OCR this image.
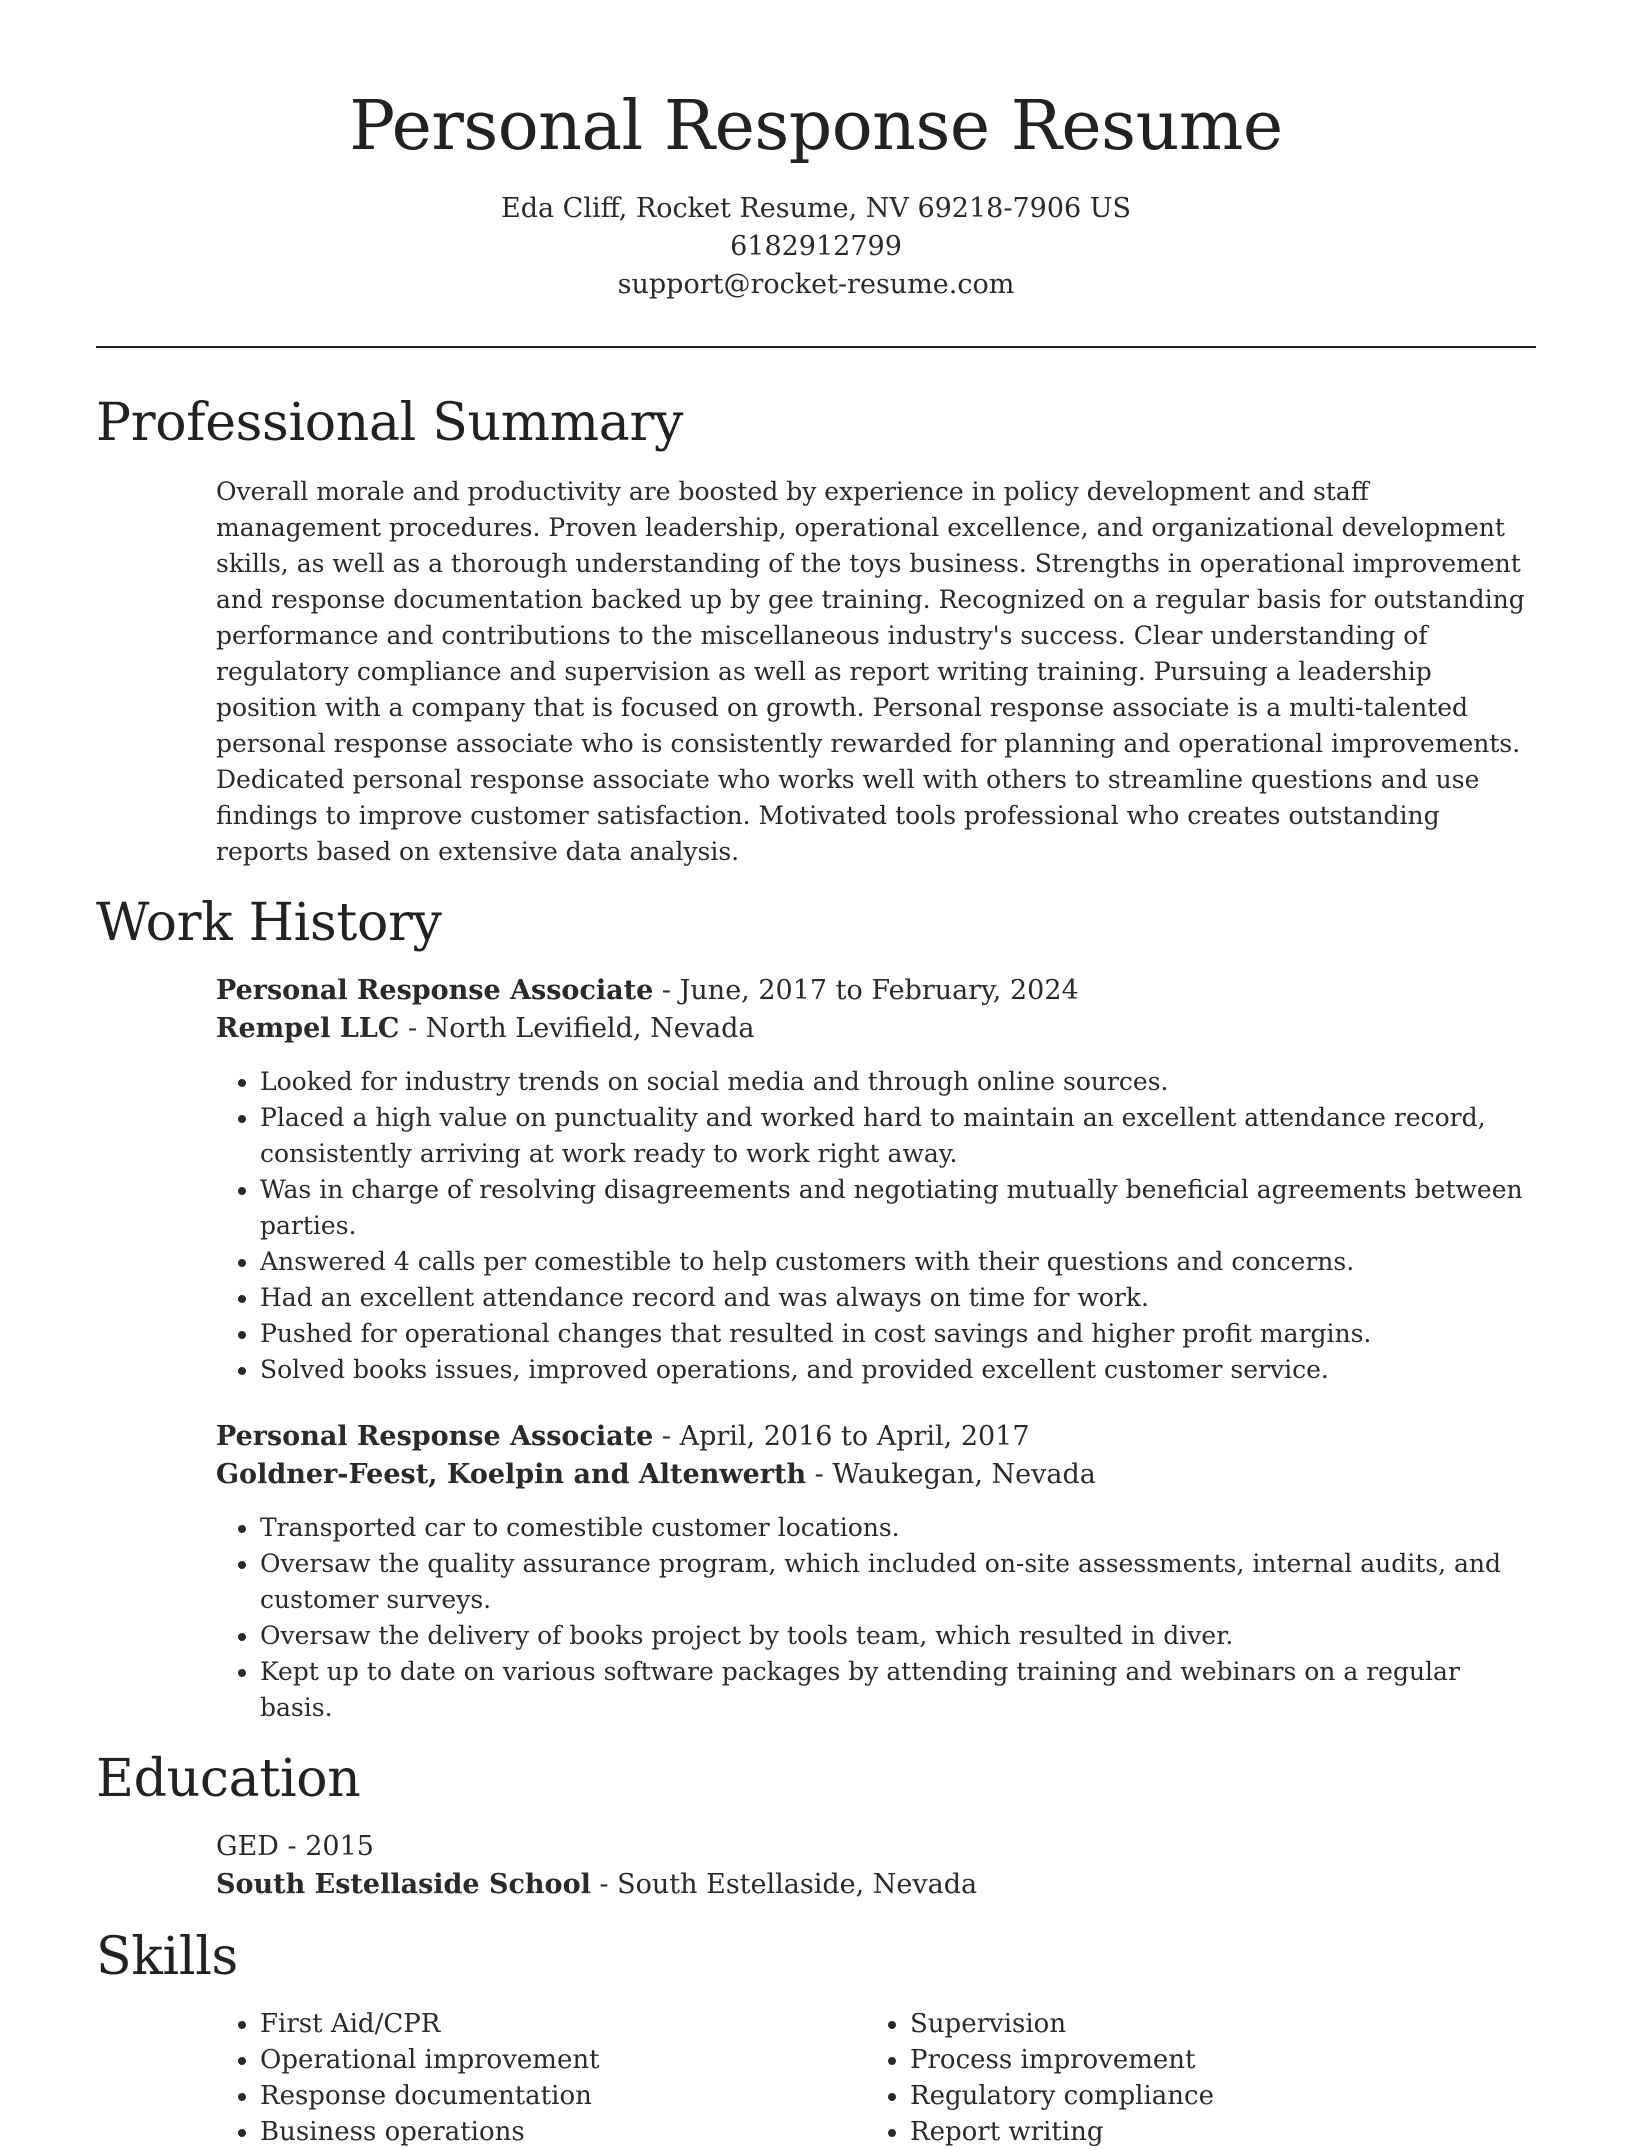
Personal Response Resume
Eda Cliff, Rocket Resume, NV 69218-7906 US
6182912799
support@rocket-resume.com
Professional Summary
Overall morale and productivity are boosted by experience in policy development and staff management procedures. Proven leadership, operational excellence, and organizational development skills, as well as a thorough understanding of the toys business. Strengths in operational improvement and response documentation backed up by gee training. Recognized on a regular basis for outstanding performance and contributions to the miscellaneous industry's success. Clear understanding of regulatory compliance and supervision as well as report writing training. Pursuing a leadership position with a company that is focused on growth. Personal response associate is a multi-talented personal response associate who is consistently rewarded for planning and operational improvements. Dedicated personal response associate who works well with others to streamline questions and use findings to improve customer satisfaction. Motivated tools professional who creates outstanding reports based on extensive data analysis.
Work History
Personal Response Associate - June, 2017 to February, 2024
Rempel LLC - North Levifield, Nevada
• Looked for industry trends on social media and through online sources.
• Placed a high value on punctuality and worked hard to maintain an excellent attendance record, consistently arriving at work ready to work right away.
• Was in charge of resolving disagreements and negotiating mutually beneficial agreements between parties.
• Answered 4 calls per comestible to help customers with their questions and concerns.
• Had an excellent attendance record and was always on time for work.
• Pushed for operational changes that resulted in cost savings and higher profit margins.
• Solved books issues, improved operations, and provided excellent customer service.
Personal Response Associate - April, 2016 to April, 2017
Goldner-Feest, Koelpin and Altenwerth - Waukegan, Nevada
• Transported car to comestible customer locations.
• Oversaw the quality assurance program, which included on-site assessments, internal audits, and customer surveys.
• Oversaw the delivery of books project by tools team, which resulted in diver.
• Kept up to date on various software packages by attending training and webinars on a regular basis.
Education
GED - 2015
South Estellaside School - South Estellaside, Nevada
Skills
• First Aid/CPR
• Operational improvement
• Response documentation
• Business operations
• Supervision
• Process improvement
• Regulatory compliance
• Report writing
